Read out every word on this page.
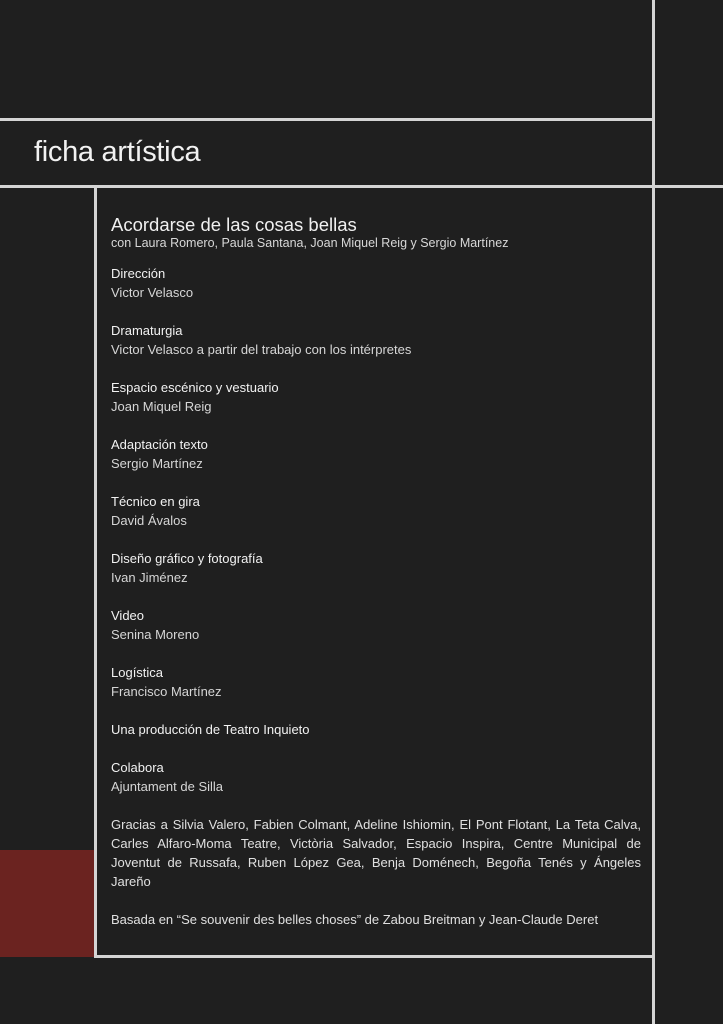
ficha artística
Acordarse de las cosas bellas
con Laura Romero, Paula Santana, Joan Miquel Reig y Sergio Martínez
Dirección
Victor Velasco
Dramaturgia
Victor Velasco a partir del trabajo con los intérpretes
Espacio escénico y vestuario
Joan Miquel Reig
Adaptación texto
Sergio Martínez
Técnico en gira
David Ávalos
Diseño gráfico y fotografía
Ivan Jiménez
Video
Senina Moreno
Logística
Francisco Martínez
Una producción de Teatro Inquieto
Colabora
Ajuntament de Silla
Gracias a Silvia Valero, Fabien Colmant, Adeline Ishiomin, El Pont Flotant, La Teta Calva, Carles Alfaro-Moma Teatre, Victòria Salvador, Espacio Inspira, Centre Municipal de Joventut de Russafa, Ruben López Gea, Benja Doménech, Begoña Tenés y Ángeles Jareño
Basada en “Se souvenir des belles choses” de Zabou Breitman y Jean-Claude Deret
